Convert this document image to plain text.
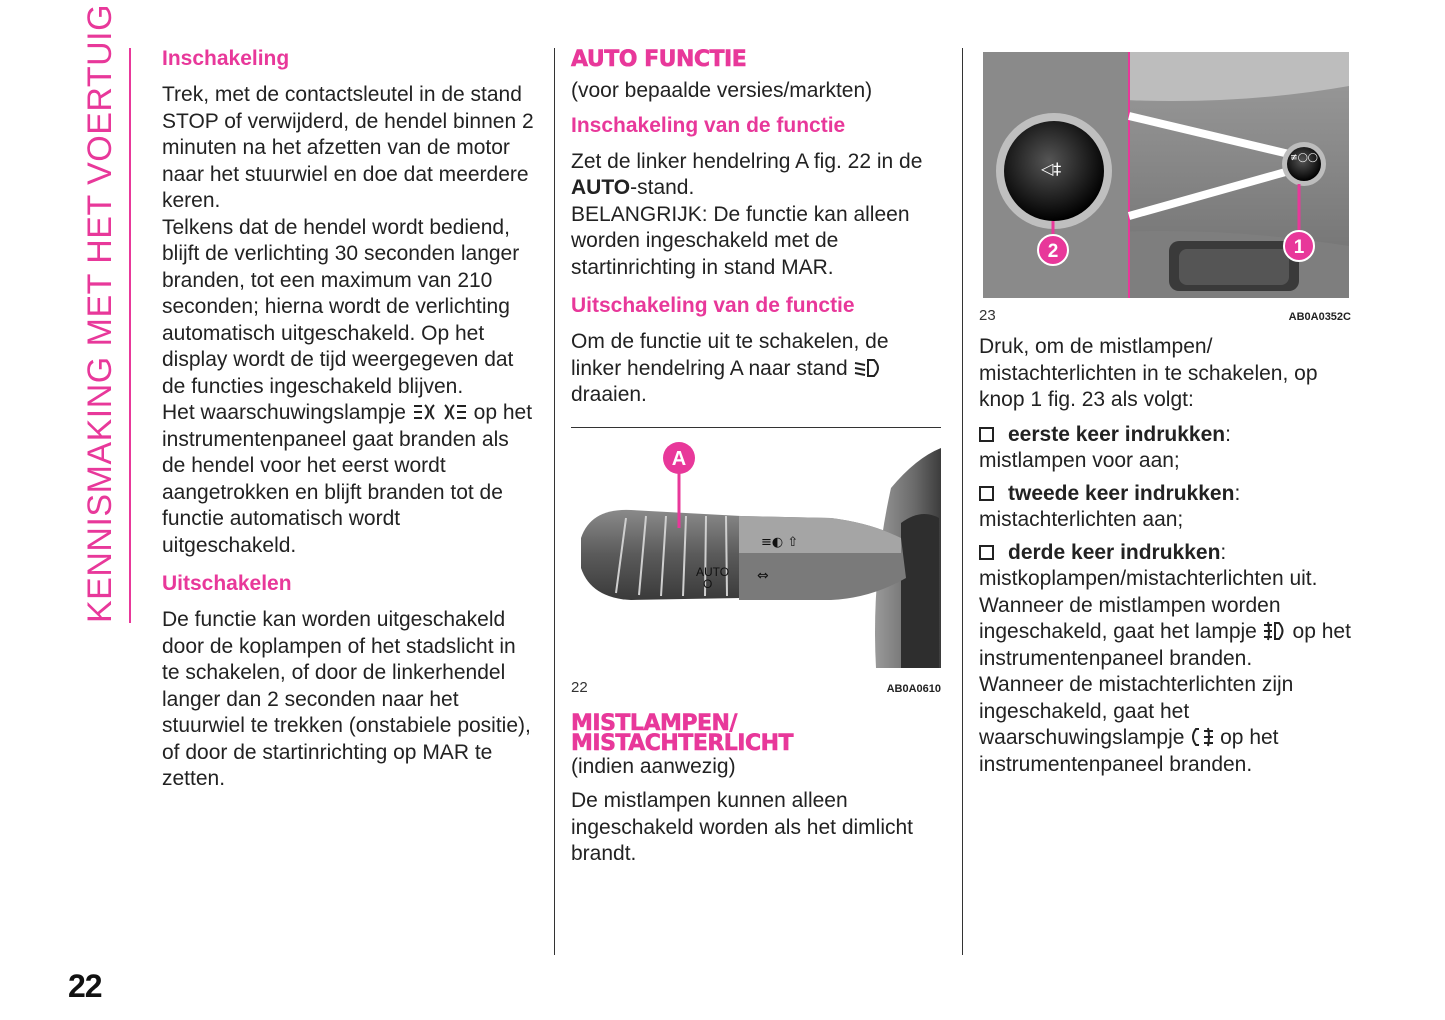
KENNISMAKING MET HET VOERTUIG
22
Inschakeling

Trek, met de contactsleutel in de stand STOP of verwijderd, de hendel binnen 2 minuten na het afzetten van de motor naar het stuurwiel en doe dat meerdere keren.

Telkens dat de hendel wordt bediend, blijft de verlichting 30 seconden langer branden, tot een maximum van 210 seconden; hierna wordt de verlichting automatisch uitgeschakeld. Op het display wordt de tijd weergegeven dat de functies ingeschakeld blijven.

Het waarschuwingslampje	op het instrumentenpaneel gaat branden als de hendel voor het eerst wordt aangetrokken en blijft branden tot de functie automatisch wordt uitgeschakeld.

Uitschakelen

De functie kan worden uitgeschakeld door de koplampen of het stadslicht in te schakelen, of door de linkerhendel langer dan 2 seconden naar het stuurwiel te trekken (onstabiele positie), of door de startinrichting op MAR te zetten.

AUTO FUNCTIE

(voor bepaalde versies/markten)

Inschakeling van de functie

Zet de linker hendelring A fig. 22 in de AUTO-stand.

BELANGRIJK: De functie kan alleen worden ingeschakeld met de startinrichting in stand MAR.

Uitschakeling van de functie

Om de functie uit te schakelen, de linker hendelring A naar stand  draaien.

≡◐ ⇧
AUTO
O	⇔
A
22	AB0A0610
MISTLAMPEN/
MISTACHTERLICHT

(indien aanwezig)

De mistlampen kunnen alleen ingeschakeld worden als het dimlicht brandt.

◁‡
≢◯◯
1
2
23	AB0A0352C

Druk, om de mistlampen/ mistachterlichten in te schakelen, op knop 1 fig. 23 als volgt:

eerste keer indrukken:
mistlampen voor aan;
tweede keer indrukken:
mistachterlichten aan;
derde keer indrukken:
mistkoplampen/mistachterlichten uit.

Wanneer de mistlampen worden ingeschakeld, gaat het lampje op het instrumentenpaneel branden.

Wanneer de mistachterlichten zijn ingeschakeld, gaat het waarschuwingslampje op het instrumentenpaneel branden.
